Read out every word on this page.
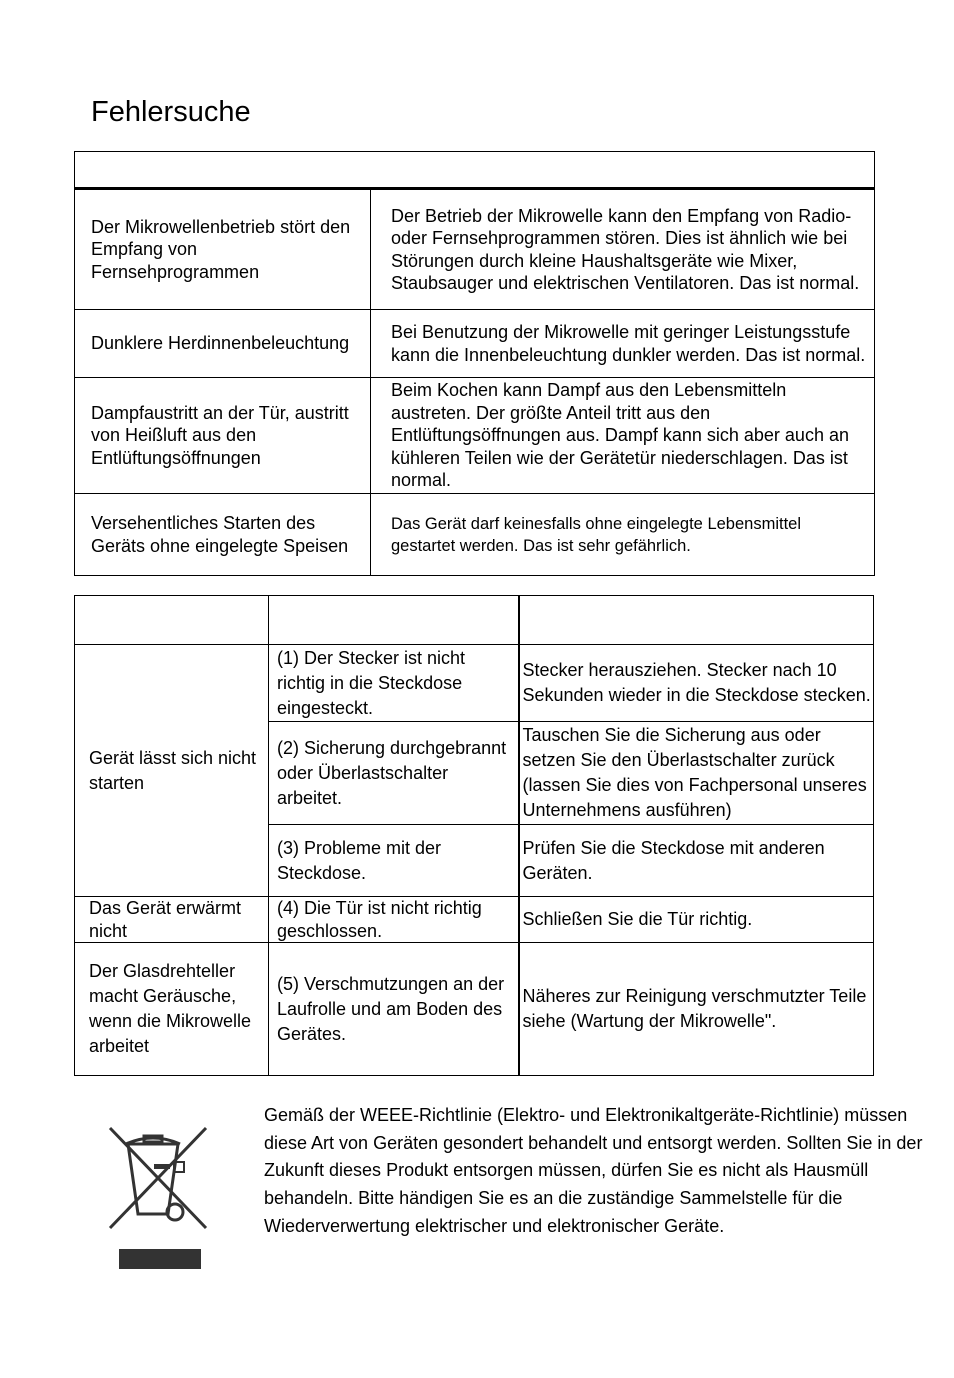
Fehlersuche

Der Mikrowellenbetrieb stört den Empfang von Fernsehprogrammen	Der Betrieb der Mikrowelle kann den Empfang von Radio- oder Fernsehprogrammen stören. Dies ist ähnlich wie bei Störungen durch kleine Haushaltsgeräte wie Mixer, Staubsauger und elektrischen Ventilatoren. Das ist normal.
Dunklere Herdinnenbeleuchtung	Bei Benutzung der Mikrowelle mit geringer Leistungsstufe kann die Innenbeleuchtung dunkler werden. Das ist normal.
Dampfaustritt an der Tür, austritt von Heißluft aus den Entlüftungsöffnungen	Beim Kochen kann Dampf aus den Lebensmitteln austreten. Der größte Anteil tritt aus den Entlüftungsöffnungen aus. Dampf kann sich aber auch an kühleren Teilen wie der Gerätetür niederschlagen. Das ist normal.
Versehentliches Starten des Geräts ohne eingelegte Speisen	Das Gerät darf keinesfalls ohne eingelegte Lebensmittel gestartet werden. Das ist sehr gefährlich.

Gerät lässt sich nicht starten	(1) Der Stecker ist nicht richtig in die Steckdose eingesteckt.	Stecker herausziehen. Stecker nach 10 Sekunden wieder in die Steckdose stecken.
	(2) Sicherung durchgebrannt oder Überlastschalter arbeitet.	Tauschen Sie die Sicherung aus oder setzen Sie den Überlastschalter zurück (lassen Sie dies von Fachpersonal unseres Unternehmens ausführen)
	(3) Probleme mit der Steckdose.	Prüfen Sie die Steckdose mit anderen Geräten.
Das Gerät erwärmt nicht	(4) Die Tür ist nicht richtig geschlossen.	Schließen Sie die Tür richtig.
Der Glasdrehteller macht Geräusche, wenn die Mikrowelle arbeitet	(5) Verschmutzungen an der Laufrolle und am Boden des Gerätes.	Näheres zur Reinigung verschmutzter Teile siehe (Wartung der Mikrowelle".
Gemäß der WEEE-Richtlinie (Elektro- und Elektronikaltgeräte-Richtlinie) müssen diese Art von Geräten gesondert behandelt und entsorgt werden. Sollten Sie in der Zukunft dieses Produkt entsorgen müssen, dürfen Sie es nicht als Hausmüll behandeln. Bitte händigen Sie es an die zuständige Sammelstelle für die Wiederverwertung elektrischer und elektronischer Geräte.
